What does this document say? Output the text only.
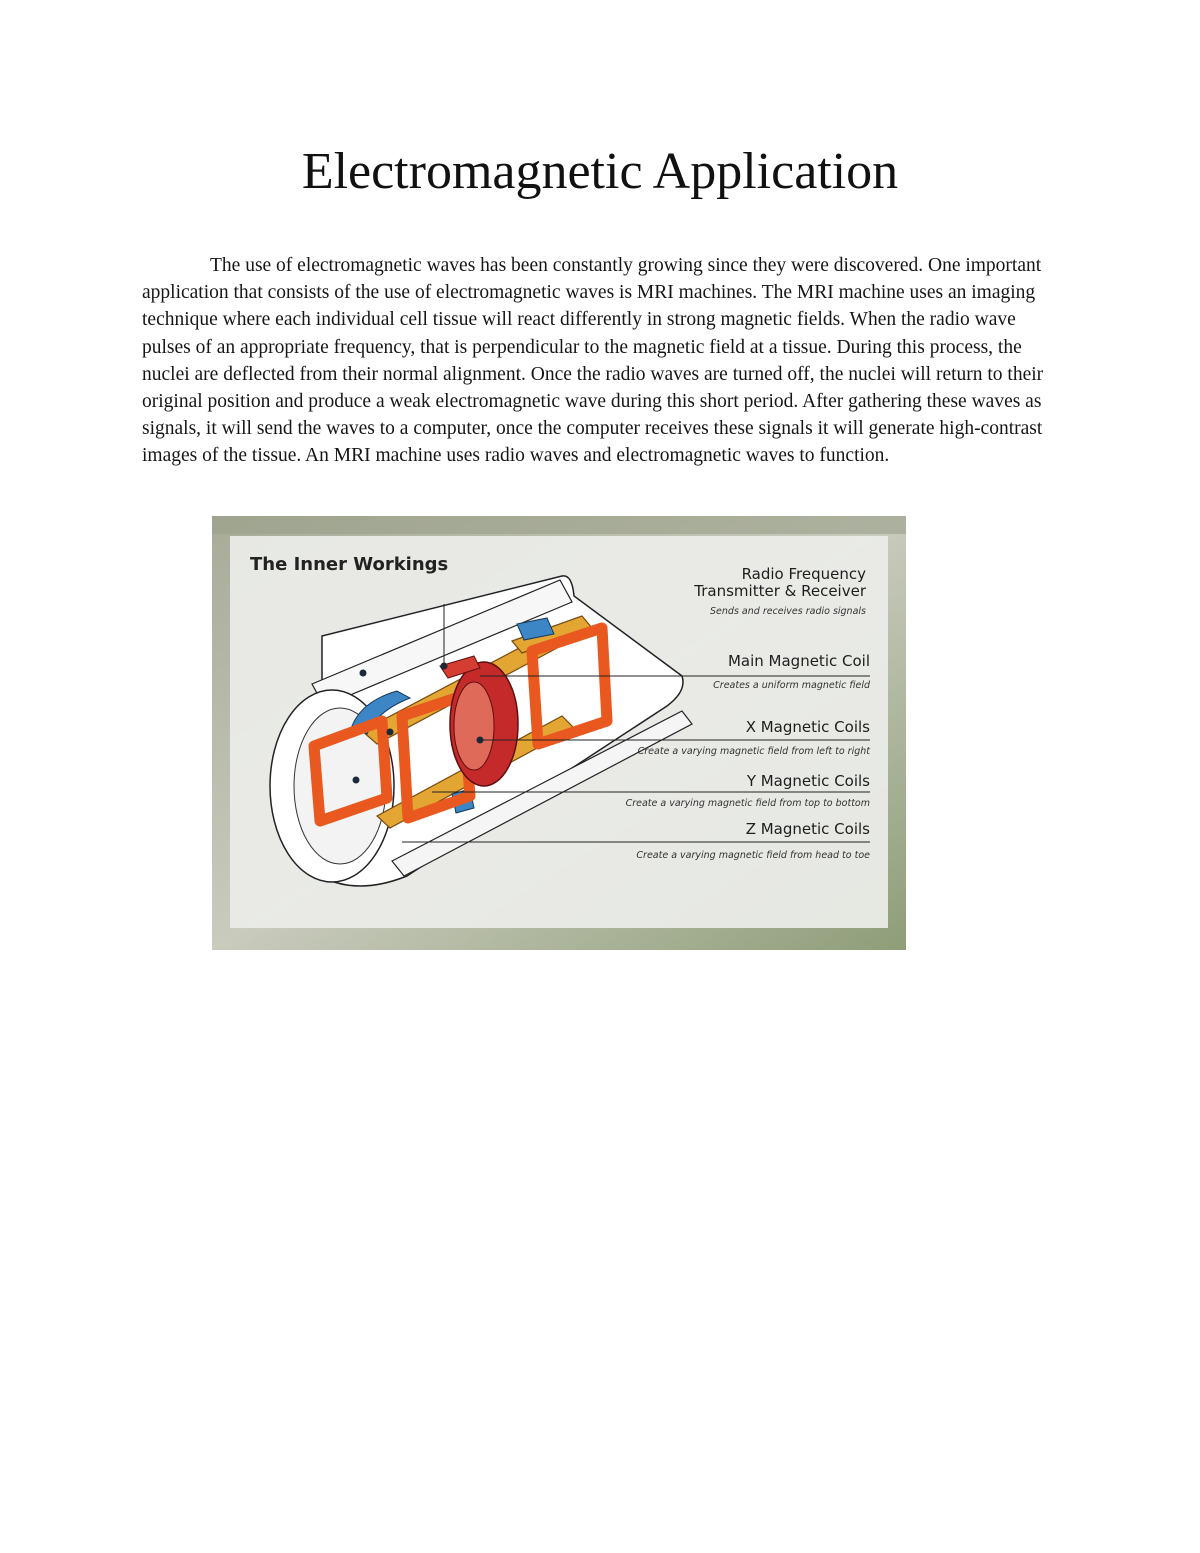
Electromagnetic Application

The use of electromagnetic waves has been constantly growing since they were discovered. One important application that consists of the use of electromagnetic waves is MRI machines. The MRI machine uses an imaging technique where each individual cell tissue will react differently in strong magnetic fields. When the radio wave pulses of an appropriate frequency, that is perpendicular to the magnetic field at a tissue. During this process, the nuclei are deflected from their normal alignment. Once the radio waves are turned off, the nuclei will return to their original position and produce a weak electromagnetic wave during this short period. After gathering these waves as signals, it will send the waves to a computer, once the computer receives these signals it will generate high-contrast images of the tissue. An MRI machine uses radio waves and electromagnetic waves to function.

The Inner Workings	Radio Frequency
Transmitter & Receiver
Sends and receives radio signals
Main Magnetic Coil
Creates a uniform magnetic field
X Magnetic Coils
Create a varying magnetic field from left to right
Y Magnetic Coils
Create a varying magnetic field from top to bottom
Z Magnetic Coils
Create a varying magnetic field from head to toe
